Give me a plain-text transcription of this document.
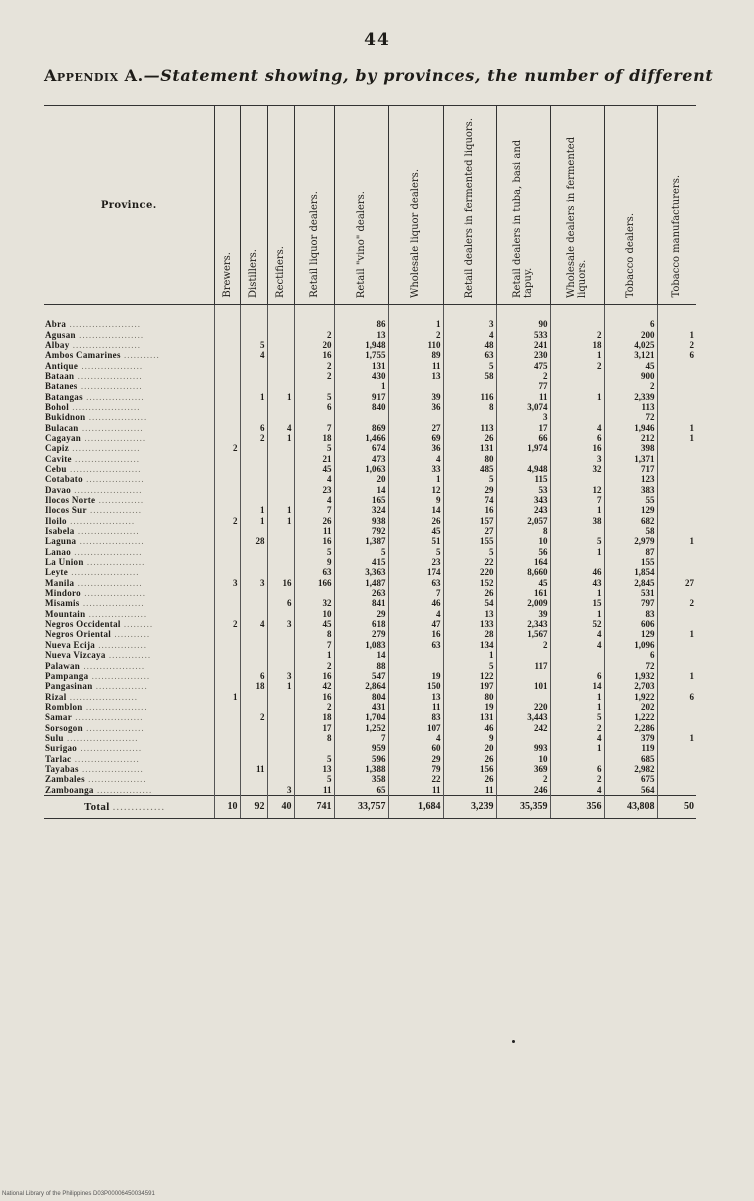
44
Appendix A.—Statement showing, by provinces, the number of different
Province.	Brewers.	Distillers.	Rectifiers.	Retail liquor dealers.	Retail "vino" dealers.	Wholesale liquor dealers.	Retail dealers in fermented liquors.	Retail dealers in tuba, basi and tapuy.	Wholesale dealers in fermented liquors.	Tobacco dealers.	Tobacco manufacturers.

Abra ......................					86	1	3	90		6	
Agusan ....................				2	13	2	4	533	2	200	1
Albay .....................		5		20	1,948	110	48	241	18	4,025	2
Ambos Camarines ...........		4		16	1,755	89	63	230	1	3,121	6
Antique ...................				2	131	11	5	475	2	45	
Bataan ....................				2	430	13	58	2		900	
Batanes ...................					1			77		2	
Batangas ..................		1	1	5	917	39	116	11	1	2,339	
Bohol .....................				6	840	36	8	3,074		113	
Bukidnon ..................								3		72	
Bulacan ...................		6	4	7	869	27	113	17	4	1,946	1
Cagayan ...................		2	1	18	1,466	69	26	66	6	212	1
Capiz .....................	2			5	674	36	131	1,974	16	398	
Cavite ....................				21	473	4	80		3	1,371	
Cebu ......................				45	1,063	33	485	4,948	32	717	
Cotabato ..................				4	20	1	5	115		123	
Davao .....................				23	14	12	29	53	12	383	
Ilocos Norte ..............				4	165	9	74	343	7	55	
Ilocos Sur ................		1	1	7	324	14	16	243	1	129	
Iloilo ....................	2	1	1	26	938	26	157	2,057	38	682	
Isabela ...................				11	792	45	27	8		58	
Laguna ....................		28		16	1,387	51	155	10	5	2,979	1
Lanao .....................				5	5	5	5	56	1	87	
La Union ..................				9	415	23	22	164		155	
Leyte .....................				63	3,363	174	220	8,660	46	1,854	
Manila ....................	3	3	16	166	1,487	63	152	45	43	2,845	27
Mindoro ...................					263	7	26	161	1	531	
Misamis ...................			6	32	841	46	54	2,009	15	797	2
Mountain ..................				10	29	4	13	39	1	83	
Negros Occidental .........	2	4	3	45	618	47	133	2,343	52	606	
Negros Oriental ...........				8	279	16	28	1,567	4	129	1
Nueva Ecija ...............				7	1,083	63	134	2	4	1,096	
Nueva Vizcaya .............				1	14		1			6	
Palawan ...................				2	88		5	117		72	
Pampanga ..................		6	3	16	547	19	122		6	1,932	1
Pangasinan ................		18	1	42	2,864	150	197	101	14	2,703	
Rizal .....................	1			16	804	13	80		1	1,922	6
Romblon ...................				2	431	11	19	220	1	202	
Samar .....................		2		18	1,704	83	131	3,443	5	1,222	
Sorsogon ..................				17	1,252	107	46	242	2	2,286	
Sulu ......................				8	7	4	9		4	379	1
Surigao ...................					959	60	20	993	1	119	
Tarlac ....................				5	596	29	26	10		685	
Tayabas ...................		11		13	1,388	79	156	369	6	2,982	
Zambales ..................				5	358	22	26	2	2	675	
Zamboanga .................			3	11	65	11	11	246	4	564	
Total ..............	10	92	40	741	33,757	1,684	3,239	35,359	356	43,808	50
National Library of the Philippines D03P00006450034591
